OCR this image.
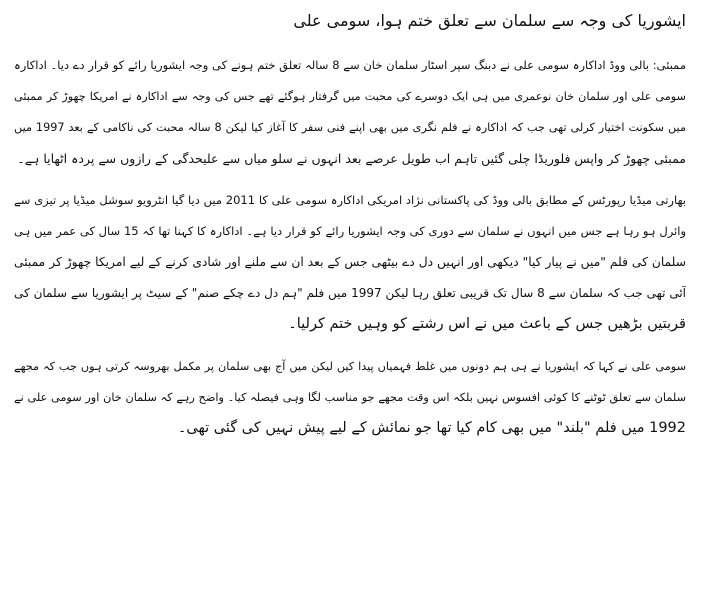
ایشوریا کی وجہ سے سلمان سے تعلق ختم ہوا، سومی علی
ممبئی: بالی ووڈ اداکارہ سومی علی نے دبنگ سپر اسٹار سلمان خان سے 8 سالہ تعلق ختم ہونے کی وجہ ایشوریا رائے کو قرار دے دیا۔ اداکارہ
سومی علی اور سلمان خان نوعمری میں ہی ایک دوسرے کی محبت میں گرفتار ہوگئے تھے جس کی وجہ سے اداکارہ نے امریکا چھوڑ کر ممبئی
میں سکونت اختیار کرلی تھی جب کہ اداکارہ نے فلم نگری میں بھی اپنے فنی سفر کا آغاز کیا لیکن 8 سالہ محبت کی ناکامی کے بعد 1997 میں
ممبئی چھوڑ کر واپس فلوریڈا چلی گئیں تاہم اب طویل عرصے بعد انہوں نے سلو میاں سے علیحدگی کے رازوں سے پردہ اٹھایا ہے۔
بھارتی میڈیا رپورٹس کے مطابق بالی ووڈ کی پاکستانی نژاد امریکی اداکارہ سومی علی کا 2011 میں دیا گیا انٹرویو سوشل میڈیا پر تیزی سے
وائرل ہو رہا ہے جس میں انہوں نے سلمان سے دوری کی وجہ ایشوریا رائے کو قرار دیا ہے۔ اداکارہ کا کہنا تھا کہ 15 سال کی عمر میں ہی
سلمان کی فلم "میں نے پیار کیا" دیکھی اور انہیں دل دے بیٹھی جس کے بعد ان سے ملنے اور شادی کرنے کے لیے امریکا چھوڑ کر ممبئی
آئی تھی جب کہ سلمان سے 8 سال تک قریبی تعلق رہا لیکن 1997 میں فلم "ہم دل دے چکے صنم" کے سیٹ پر ایشوریا سے سلمان کی
قربتیں بڑھیں جس کے باعث میں نے اس رشتے کو وہیں ختم کرلیا۔
سومی علی نے کہا کہ ایشوریا نے ہی ہم دونوں میں غلط فہمیاں پیدا کیں لیکن میں آج بھی سلمان پر مکمل بھروسہ کرتی ہوں جب کہ مجھے
سلمان سے تعلق ٹوٹنے کا کوئی افسوس نہیں بلکہ اس وقت مجھے جو مناسب لگا وہی فیصلہ کیا۔ واضح رہے کہ سلمان خان اور سومی علی نے
1992 میں فلم "بلند" میں بھی کام کیا تھا جو نمائش کے لیے پیش نہیں کی گئی تھی۔
